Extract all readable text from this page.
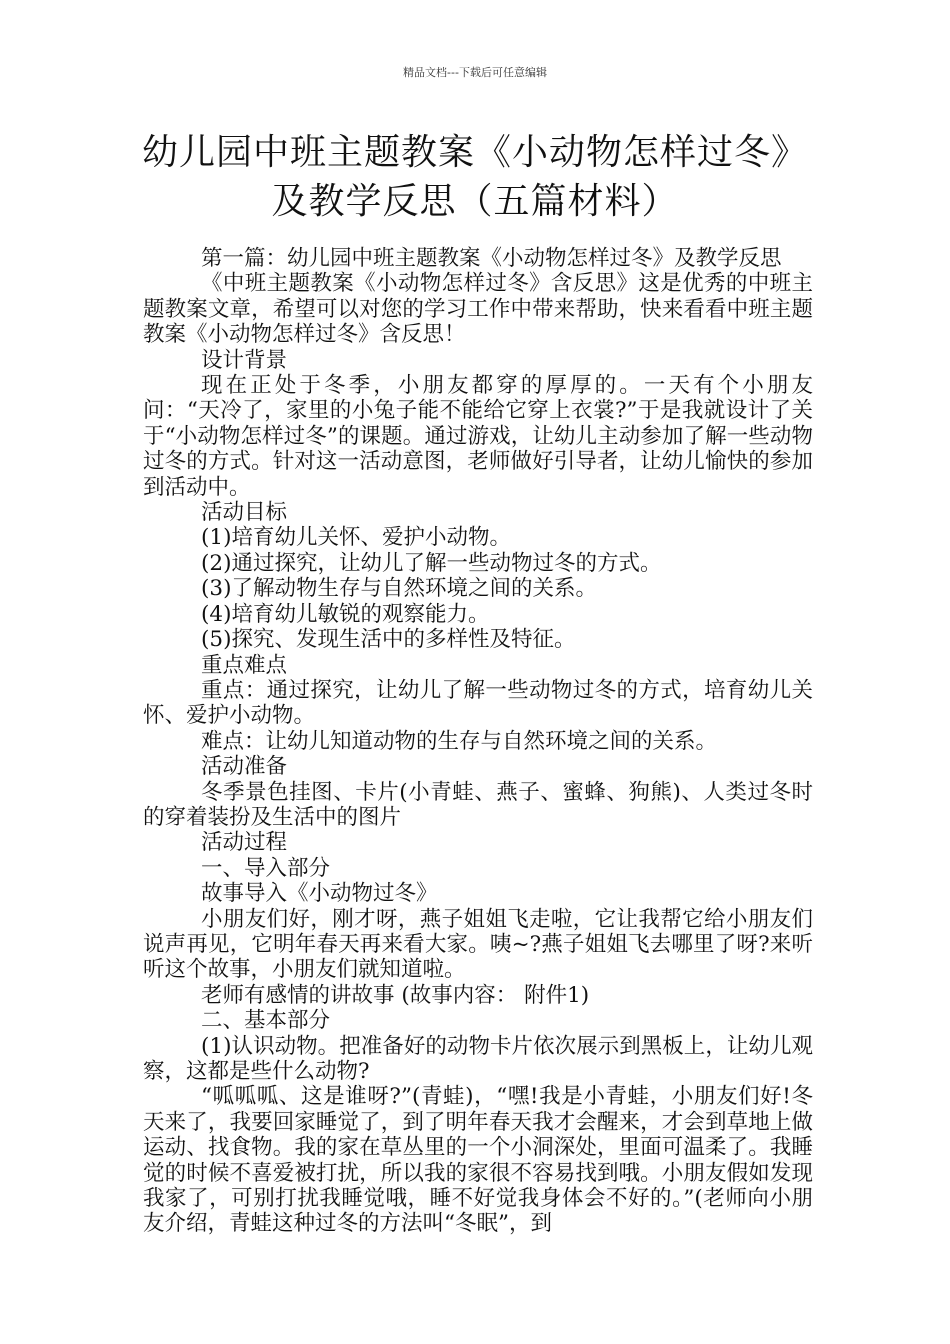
精品文档---下载后可任意编辑
幼儿园中班主题教案《小动物怎样过冬》
及教学反思（五篇材料）

第一篇：幼儿园中班主题教案《小动物怎样过冬》及教学反思

《中班主题教案《小动物怎样过冬》含反思》这是优秀的中班主题教案文章，希望可以对您的学习工作中带来帮助，快来看看中班主题教案《小动物怎样过冬》含反思！

设计背景

现在正处于冬季，小朋友都穿的厚厚的。一天有个小朋友问：“天冷了，家里的小兔子能不能给它穿上衣裳?”于是我就设计了关于“小动物怎样过冬”的课题。通过游戏，让幼儿主动参加了解一些动物过冬的方式。针对这一活动意图，老师做好引导者，让幼儿愉快的参加到活动中。

活动目标

(1)培育幼儿关怀、爱护小动物。

(2)通过探究，让幼儿了解一些动物过冬的方式。

(3)了解动物生存与自然环境之间的关系。

(4)培育幼儿敏锐的观察能力。

(5)探究、发现生活中的多样性及特征。

重点难点

重点：通过探究，让幼儿了解一些动物过冬的方式，培育幼儿关怀、爱护小动物。

难点：让幼儿知道动物的生存与自然环境之间的关系。

活动准备

冬季景色挂图、卡片(小青蛙、燕子、蜜蜂、狗熊)、人类过冬时的穿着装扮及生活中的图片

活动过程

一、导入部分

故事导入《小动物过冬》

小朋友们好，刚才呀，燕子姐姐飞走啦，它让我帮它给小朋友们说声再见，它明年春天再来看大家。咦~?燕子姐姐飞去哪里了呀?来听听这个故事，小朋友们就知道啦。

老师有感情的讲故事 (故事内容： 附件1)

二、基本部分

(1)认识动物。把准备好的动物卡片依次展示到黑板上，让幼儿观察，这都是些什么动物?

“呱呱呱、这是谁呀?”(青蛙)，“嘿!我是小青蛙，小朋友们好!冬天来了，我要回家睡觉了，到了明年春天我才会醒来，才会到草地上做运动、找食物。我的家在草丛里的一个小洞深处，里面可温柔了。我睡觉的时候不喜爱被打扰，所以我的家很不容易找到哦。小朋友假如发现我家了，可别打扰我睡觉哦，睡不好觉我身体会不好的。”(老师向小朋友介绍，青蛙这种过冬的方法叫“冬眠”，到
